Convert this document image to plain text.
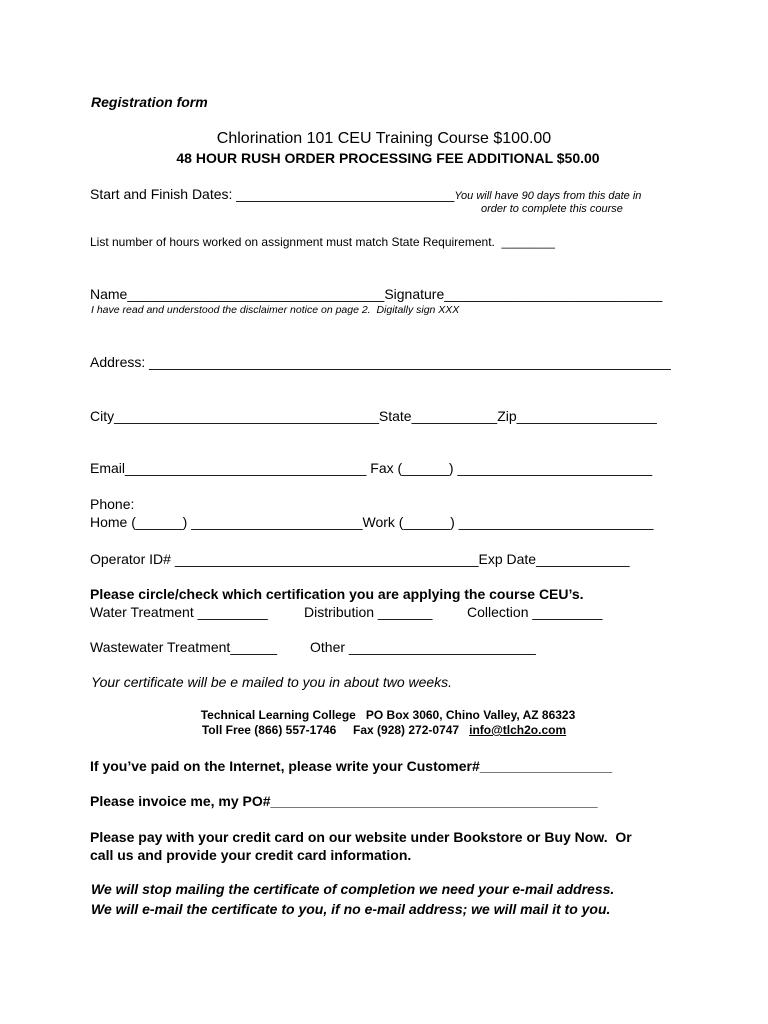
Registration form
Chlorination 101 CEU Training Course $100.00
48 HOUR RUSH ORDER PROCESSING FEE ADDITIONAL $50.00
Start and Finish Dates: ____________________________You will have 90 days from this date in
order to complete this course
List number of hours worked on assignment must match State Requirement.  ________
Name_________________________________Signature____________________________
I have read and understood the disclaimer notice on page 2.  Digitally sign XXX
Address: ___________________________________________________________________
City__________________________________State___________Zip__________________
Email_______________________________ Fax (______) _________________________
Phone:
Home (______) ______________________Work (______) _________________________
Operator ID# _______________________________________Exp Date____________
Please circle/check which certification you are applying the course CEU’s.
Water Treatment _________	Distribution _______ Collection _________
Wastewater Treatment______ Other ________________________
Your certificate will be e mailed to you in about two weeks.
Technical Learning College   PO Box 3060, Chino Valley, AZ 86323
Toll Free (866) 557-1746     Fax (928) 272-0747   info@tlch2o.com
If you’ve paid on the Internet, please write your Customer#_________________
Please invoice me, my PO#__________________________________________
Please pay with your credit card on our website under Bookstore or Buy Now.  Or
call us and provide your credit card information.
We will stop mailing the certificate of completion we need your e-mail address.
We will e-mail the certificate to you, if no e-mail address; we will mail it to you.
